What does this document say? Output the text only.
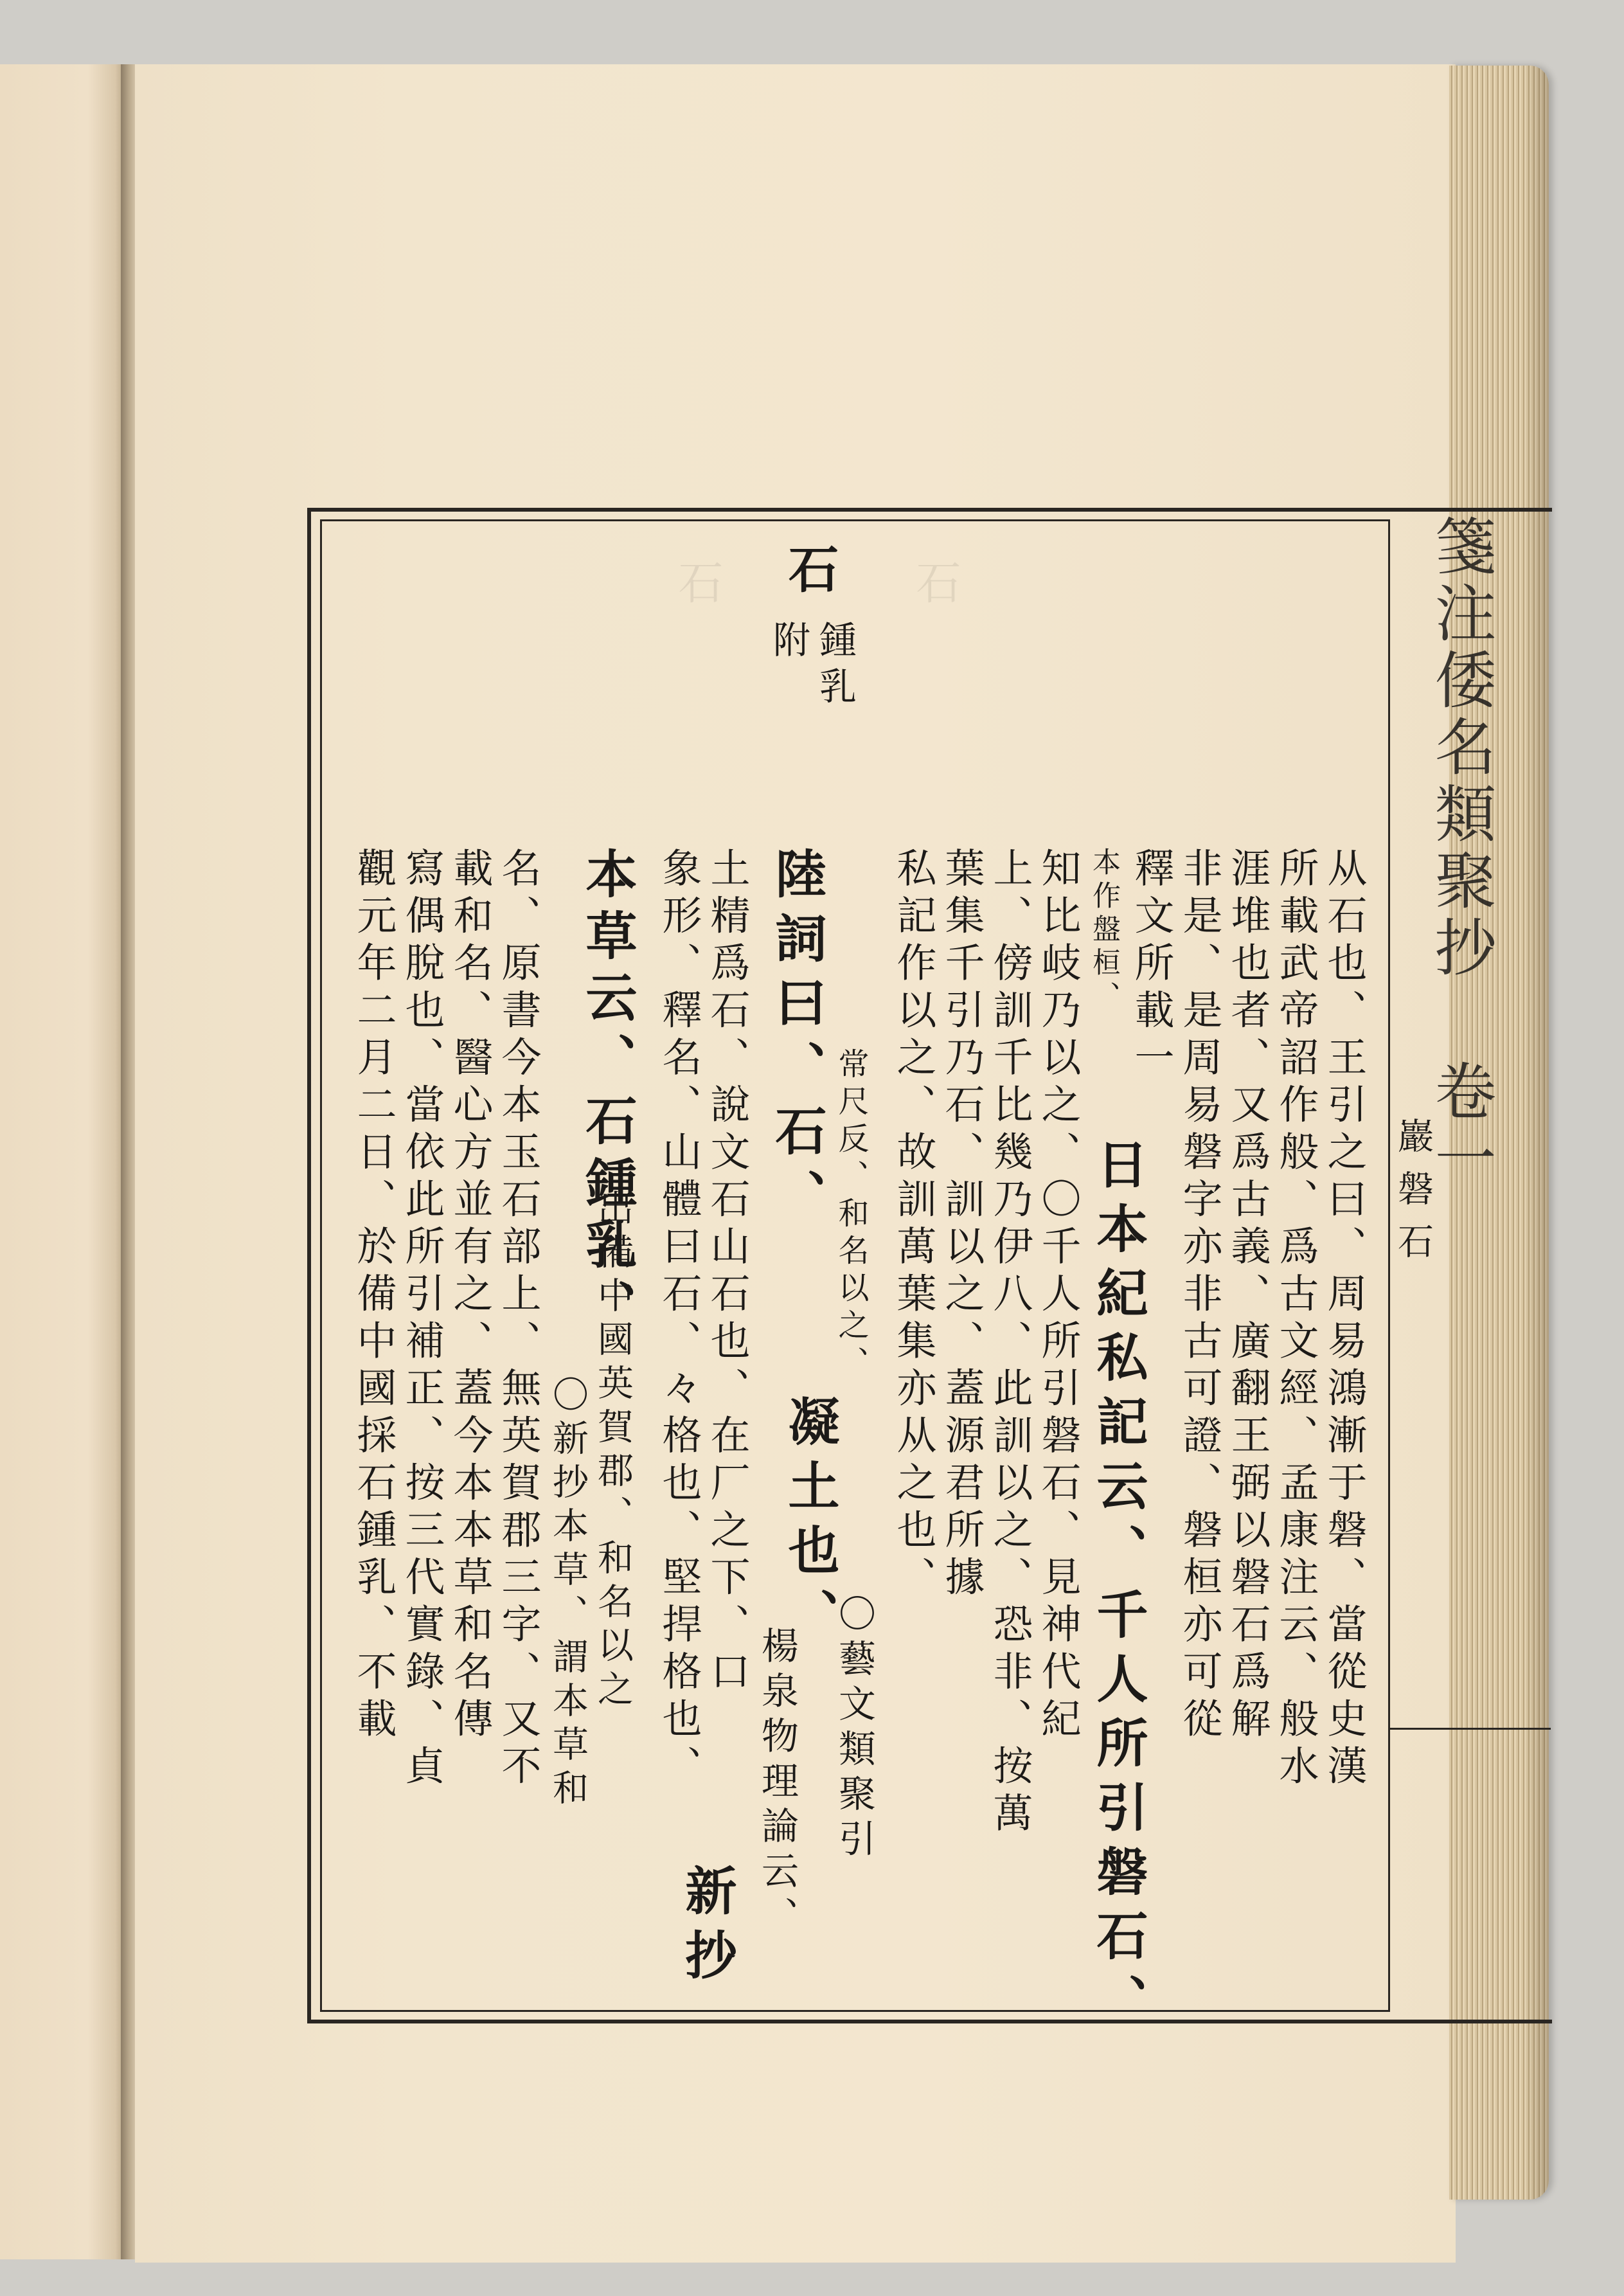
石
石	箋注倭名類聚抄 卷一
巖磐石
石
鍾乳
附
从石也、王引之曰、周易鴻漸于磐、當從史漢
所載武帝詔作般、爲古文經、孟康注云、般水
涯堆也者、又爲古義、廣翻王弼以磐石爲解
非是、是周易磐字亦非古可證、磐桓亦可從
釋文所載一
本作盤桓、
日本紀私記云、千人所引磐石、
知比岐乃以之、〇千人所引磐石、見神代紀
上、傍訓千比幾乃伊八、此訓以之、恐非、按萬
葉集千引乃石、訓以之、蓋源君所據
私記作以之、故訓萬葉集亦从之也、
陸詞曰、石、 常尺反、和名以之、
凝土也、
〇藝文類聚引
楊泉物理論云、
土精爲石、說文石山石也、在厂之下、口
象形、釋名、山體曰石、々格也、堅捍格也、
新抄
本草云、石鍾乳、
出備中國英賀郡、和名以之
〇新抄本草、謂本草和
名、原書今本玉石部上、無英賀郡三字、又不
載和名、醫心方並有之、蓋今本本草和名傳
寫偶脫也、當依此所引補正、按三代實錄、貞
觀元年二月二日、於備中國採石鍾乳、不載
